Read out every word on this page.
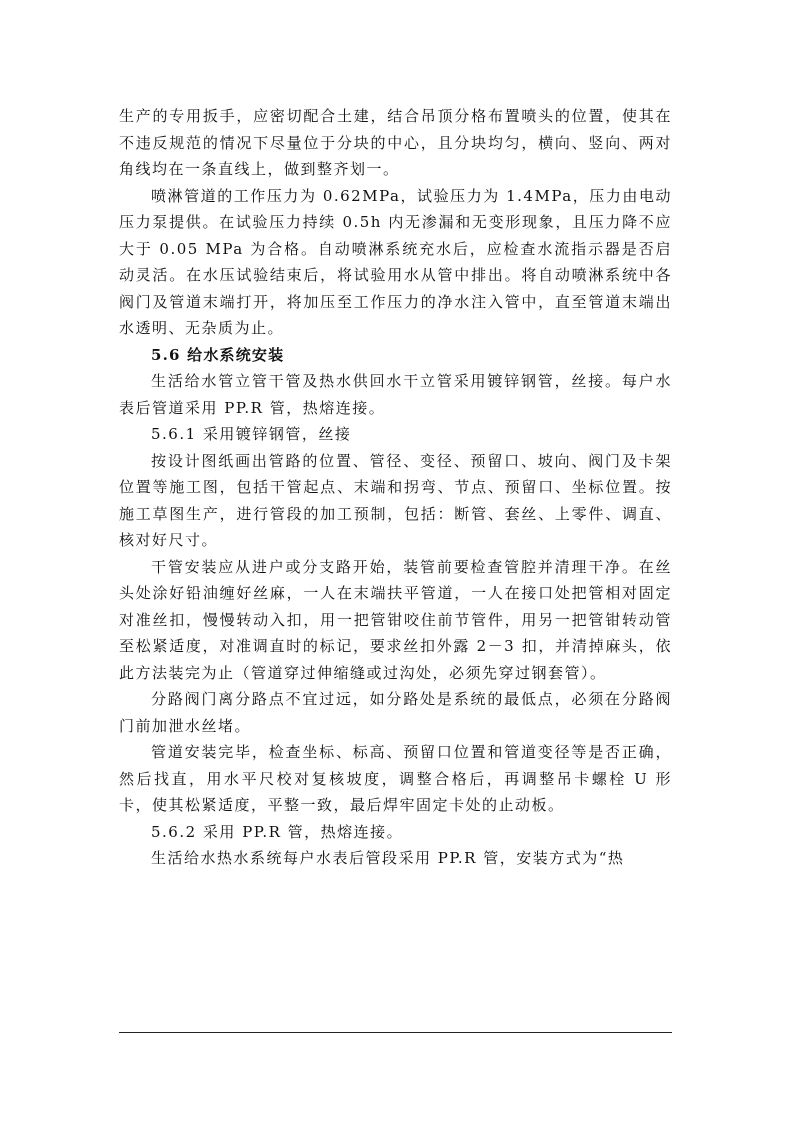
生产的专用扳手，应密切配合土建，结合吊顶分格布置喷头的位置，使其在不违反规范的情况下尽量位于分块的中心，且分块均匀，横向、竖向、两对角线均在一条直线上，做到整齐划一。

喷淋管道的工作压力为 0.62MPa，试验压力为 1.4MPa，压力由电动压力泵提供。在试验压力持续 0.5h 内无渗漏和无变形现象，且压力降不应大于 0.05 MPa 为合格。自动喷淋系统充水后，应检查水流指示器是否启动灵活。在水压试验结束后，将试验用水从管中排出。将自动喷淋系统中各阀门及管道末端打开，将加压至工作压力的净水注入管中，直至管道末端出水透明、无杂质为止。

5.6 给水系统安装

生活给水管立管干管及热水供回水干立管采用镀锌钢管，丝接。每户水表后管道采用 PP.R 管，热熔连接。

5.6.1 采用镀锌钢管，丝接

按设计图纸画出管路的位置、管径、变径、预留口、坡向、阀门及卡架位置等施工图，包括干管起点、末端和拐弯、节点、预留口、坐标位置。按施工草图生产，进行管段的加工预制，包括：断管、套丝、上零件、调直、核对好尺寸。

干管安装应从进户或分支路开始，装管前要检查管腔并清理干净。在丝头处涂好铅油缠好丝麻，一人在末端扶平管道，一人在接口处把管相对固定对准丝扣，慢慢转动入扣，用一把管钳咬住前节管件，用另一把管钳转动管至松紧适度，对准调直时的标记，要求丝扣外露 2－3 扣，并清掉麻头，依此方法装完为止（管道穿过伸缩缝或过沟处，必须先穿过钢套管）。

分路阀门离分路点不宜过远，如分路处是系统的最低点，必须在分路阀门前加泄水丝堵。

管道安装完毕，检查坐标、标高、预留口位置和管道变径等是否正确，然后找直，用水平尺校对复核坡度，调整合格后，再调整吊卡螺栓 U 形卡，使其松紧适度，平整一致，最后焊牢固定卡处的止动板。

5.6.2 采用 PP.R 管，热熔连接。

生活给水热水系统每户水表后管段采用 PP.R 管，安装方式为“热
